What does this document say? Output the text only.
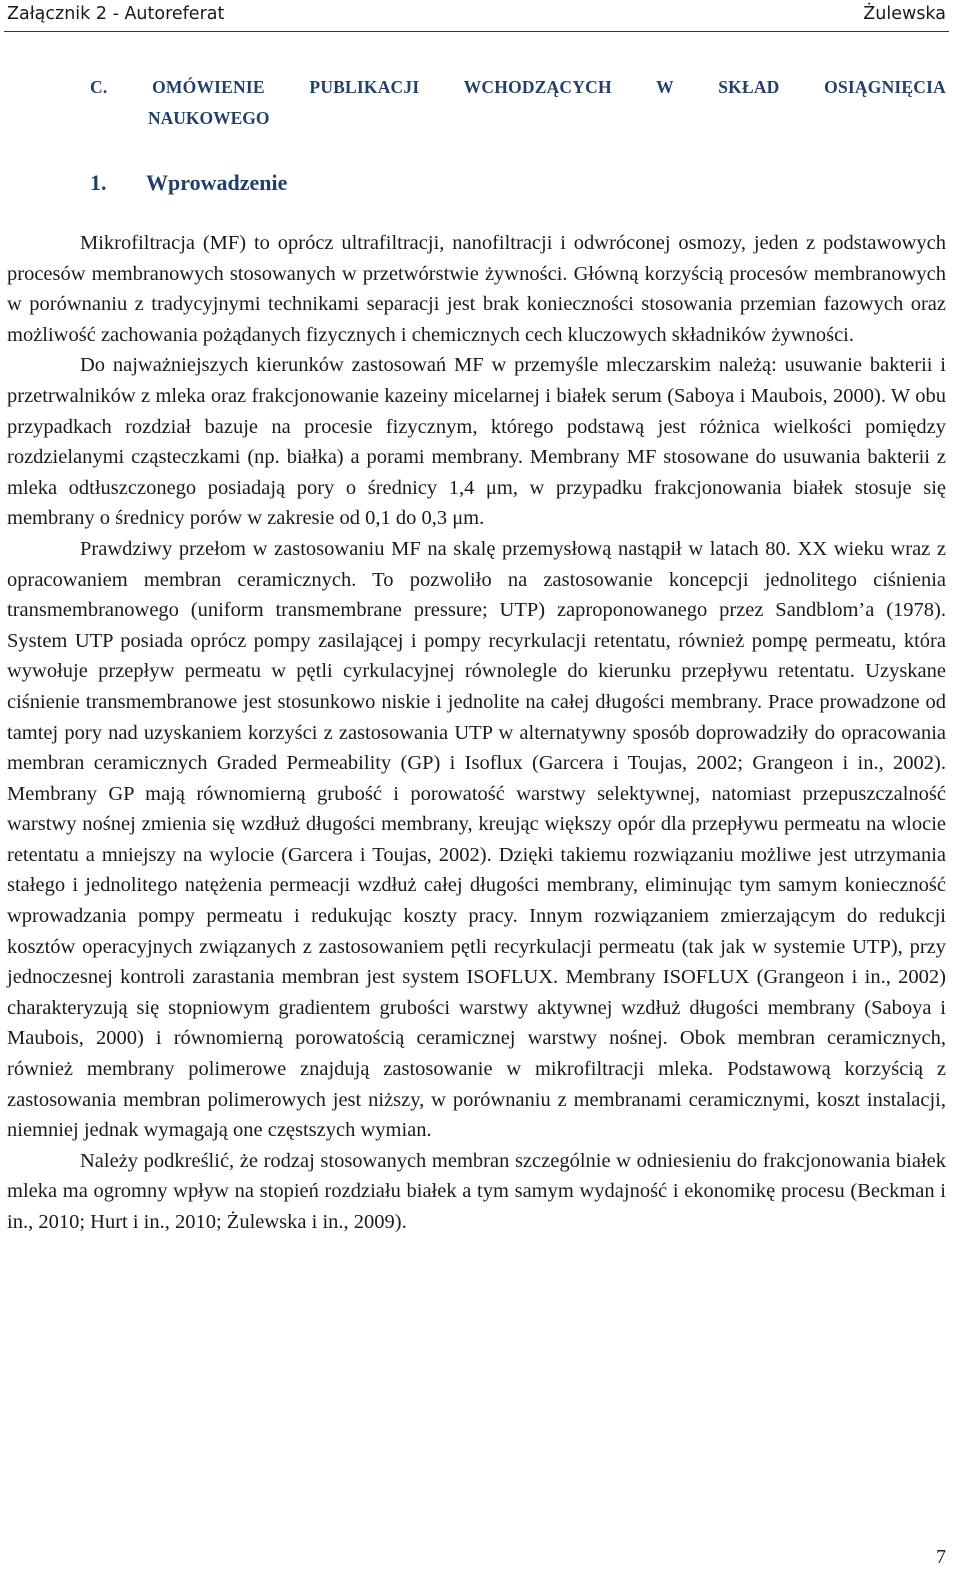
Załącznik 2 - Autoreferat	Żulewska
C. OMÓWIENIE PUBLIKACJI WCHODZĄCYCH W SKŁAD OSIĄGNIĘCIA
NAUKOWEGO
1. Wprowadzenie

Mikrofiltracja (MF) to oprócz ultrafiltracji, nanofiltracji i odwróconej osmozy, jeden z podstawowych procesów membranowych stosowanych w przetwórstwie żywności. Główną korzyścią procesów membranowych w porównaniu z tradycyjnymi technikami separacji jest brak konieczności stosowania przemian fazowych oraz możliwość zachowania pożądanych fizycznych i chemicznych cech kluczowych składników żywności.

Do najważniejszych kierunków zastosowań MF w przemyśle mleczarskim należą: usuwanie bakterii i przetrwalników z mleka oraz frakcjonowanie kazeiny micelarnej i białek serum (Saboya i Maubois, 2000). W obu przypadkach rozdział bazuje na procesie fizycznym, którego podstawą jest różnica wielkości pomiędzy rozdzielanymi cząsteczkami (np. białka) a porami membrany. Membrany MF stosowane do usuwania bakterii z mleka odtłuszczonego posiadają pory o średnicy 1,4 μm, w przypadku frakcjonowania białek stosuje się membrany o średnicy porów w zakresie od 0,1 do 0,3 μm.

Prawdziwy przełom w zastosowaniu MF na skalę przemysłową nastąpił w latach 80. XX wieku wraz z opracowaniem membran ceramicznych. To pozwoliło na zastosowanie koncepcji jednolitego ciśnienia transmembranowego (uniform transmembrane pressure; UTP) zaproponowanego przez Sandblom’a (1978). System UTP posiada oprócz pompy zasilającej i pompy recyrkulacji retentatu, również pompę permeatu, która wywołuje przepływ permeatu w pętli cyrkulacyjnej równolegle do kierunku przepływu retentatu. Uzyskane ciśnienie transmembranowe jest stosunkowo niskie i jednolite na całej długości membrany. Prace prowadzone od tamtej pory nad uzyskaniem korzyści z zastosowania UTP w alternatywny sposób doprowadziły do opracowania membran ceramicznych Graded Permeability (GP) i Isoflux (Garcera i Toujas, 2002; Grangeon i in., 2002). Membrany GP mają równomierną grubość i porowatość warstwy selektywnej, natomiast przepuszczalność warstwy nośnej zmienia się wzdłuż długości membrany, kreując większy opór dla przepływu permeatu na wlocie retentatu a mniejszy na wylocie (Garcera i Toujas, 2002). Dzięki takiemu rozwiązaniu możliwe jest utrzymania stałego i jednolitego natężenia permeacji wzdłuż całej długości membrany, eliminując tym samym konieczność wprowadzania pompy permeatu i redukując koszty pracy. Innym rozwiązaniem zmierzającym do redukcji kosztów operacyjnych związanych z zastosowaniem pętli recyrkulacji permeatu (tak jak w systemie UTP), przy jednoczesnej kontroli zarastania membran jest system ISOFLUX. Membrany ISOFLUX (Grangeon i in., 2002) charakteryzują się stopniowym gradientem grubości warstwy aktywnej wzdłuż długości membrany (Saboya i Maubois, 2000) i równomierną porowatością ceramicznej warstwy nośnej. Obok membran ceramicznych, również membrany polimerowe znajdują zastosowanie w mikrofiltracji mleka. Podstawową korzyścią z zastosowania membran polimerowych jest niższy, w porównaniu z membranami ceramicznymi, koszt instalacji, niemniej jednak wymagają one częstszych wymian.

Należy podkreślić, że rodzaj stosowanych membran szczególnie w odniesieniu do frakcjonowania białek mleka ma ogromny wpływ na stopień rozdziału białek a tym samym wydajność i ekonomikę procesu (Beckman i in., 2010; Hurt i in., 2010; Żulewska i in., 2009).

7
